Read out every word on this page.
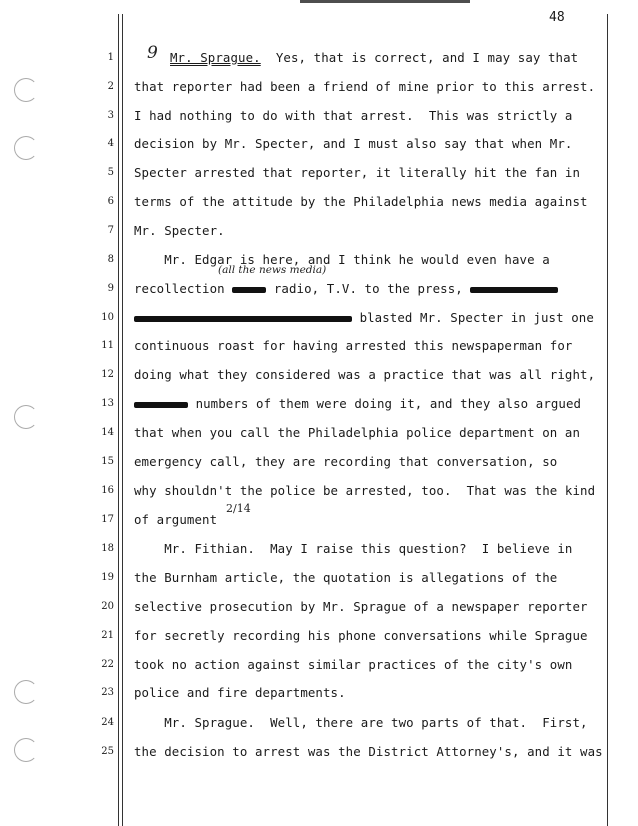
48
1
2
3
4
5
6
7
8
9
10
11
12
13
14
15
16
17
18
19
20
21
22
23
24
25
9 Mr. Sprague. Yes, that is correct, and I may say that
that reporter had been a friend of mine prior to this arrest.
I had nothing to do with that arrest.  This was strictly a
decision by Mr. Specter, and I must also say that when Mr.
Specter arrested that reporter, it literally hit the fan in
terms of the attitude by the Philadelphia news media against
Mr. Specter.
Mr. Edgar is here, and I think he would even have a
(all the news media)
recollection	radio, T.V. to the press,
blasted Mr. Specter in just one
continuous roast for having arrested this newspaperman for
doing what they considered was a practice that was all right,
numbers of them were doing it, and they also argued
that when you call the Philadelphia police department on an
emergency call, they are recording that conversation, so
why shouldn't the police be arrested, too.  That was the kind
of argument
2/14
Mr. Fithian.  May I raise this question?  I believe in
the Burnham article, the quotation is allegations of the
selective prosecution by Mr. Sprague of a newspaper reporter
for secretly recording his phone conversations while Sprague
took no action against similar practices of the city's own
police and fire departments.
Mr. Sprague.  Well, there are two parts of that.  First,
the decision to arrest was the District Attorney's, and it was
